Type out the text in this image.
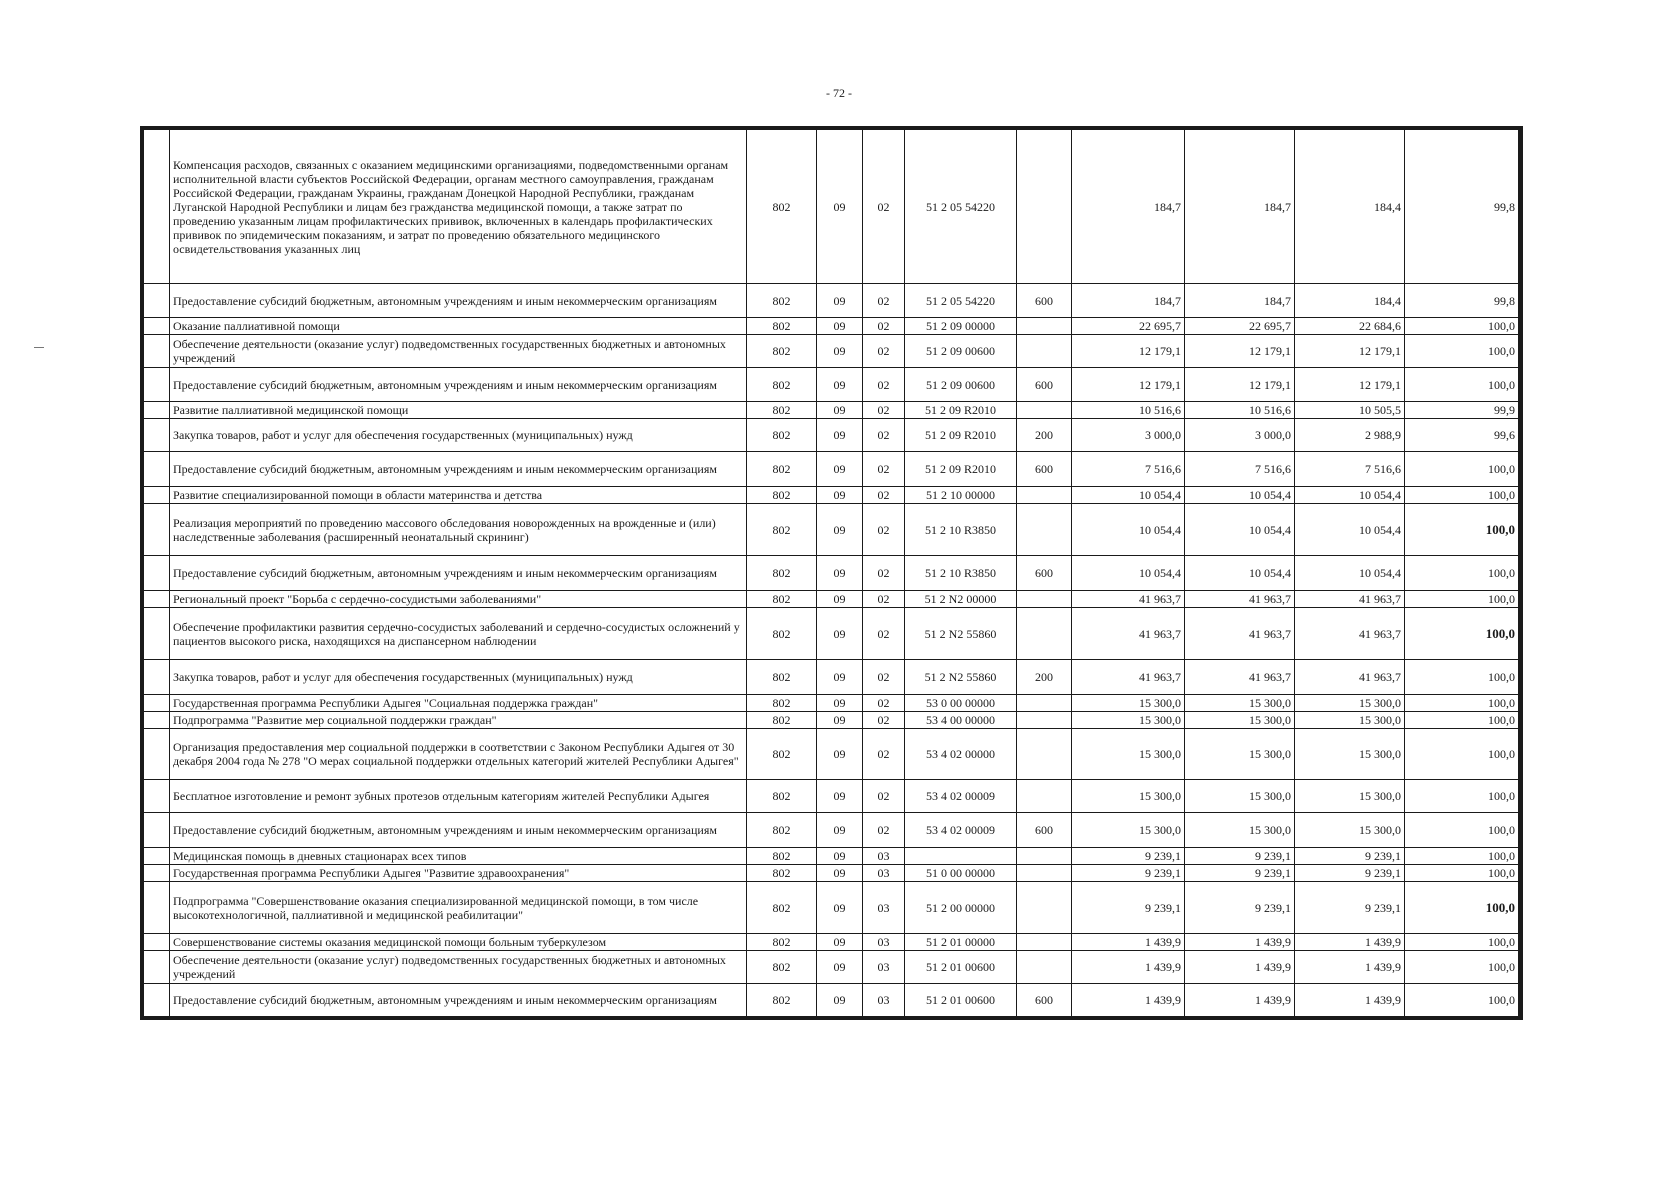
- 72 -
	Компенсация расходов, связанных с оказанием медицинскими организациями, подведомственными органам исполнительной власти субъектов Российской Федерации, органам местного самоуправления, гражданам Российской Федерации, гражданам Украины, гражданам Донецкой Народной Республики, гражданам Луганской Народной Республики и лицам без гражданства медицинской помощи, а также затрат по проведению указанным лицам профилактических прививок, включенных в календарь профилактических прививок по эпидемическим показаниям, и затрат по проведению обязательного медицинского освидетельствования указанных лиц	802	09	02	51 2 05 54220		184,7	184,7	184,4	99,8
	Предоставление субсидий бюджетным, автономным учреждениям и иным некоммерческим организациям	802	09	02	51 2 05 54220	600	184,7	184,7	184,4	99,8
	Оказание паллиативной помощи	802	09	02	51 2 09 00000		22 695,7	22 695,7	22 684,6	100,0
	Обеспечение деятельности (оказание услуг) подведомственных государственных бюджетных и автономных учреждений	802	09	02	51 2 09 00600		12 179,1	12 179,1	12 179,1	100,0
	Предоставление субсидий бюджетным, автономным учреждениям и иным некоммерческим организациям	802	09	02	51 2 09 00600	600	12 179,1	12 179,1	12 179,1	100,0
	Развитие паллиативной медицинской помощи	802	09	02	51 2 09 R2010		10 516,6	10 516,6	10 505,5	99,9
	Закупка товаров, работ и услуг для обеспечения государственных (муниципальных) нужд	802	09	02	51 2 09 R2010	200	3 000,0	3 000,0	2 988,9	99,6
	Предоставление субсидий бюджетным, автономным учреждениям и иным некоммерческим организациям	802	09	02	51 2 09 R2010	600	7 516,6	7 516,6	7 516,6	100,0
	Развитие специализированной помощи в области материнства и детства	802	09	02	51 2 10 00000		10 054,4	10 054,4	10 054,4	100,0
	Реализация мероприятий по проведению массового обследования новорожденных на врожденные и (или) наследственные заболевания (расширенный неонатальный скрининг)	802	09	02	51 2 10 R3850		10 054,4	10 054,4	10 054,4	100,0
	Предоставление субсидий бюджетным, автономным учреждениям и иным некоммерческим организациям	802	09	02	51 2 10 R3850	600	10 054,4	10 054,4	10 054,4	100,0
	Региональный проект "Борьба с сердечно-сосудистыми заболеваниями"	802	09	02	51 2 N2 00000		41 963,7	41 963,7	41 963,7	100,0
	Обеспечение профилактики развития сердечно-сосудистых заболеваний и сердечно-сосудистых осложнений у пациентов высокого риска, находящихся на диспансерном наблюдении	802	09	02	51 2 N2 55860		41 963,7	41 963,7	41 963,7	100,0
	Закупка товаров, работ и услуг для обеспечения государственных (муниципальных) нужд	802	09	02	51 2 N2 55860	200	41 963,7	41 963,7	41 963,7	100,0
	Государственная программа Республики Адыгея "Социальная поддержка граждан"	802	09	02	53 0 00 00000		15 300,0	15 300,0	15 300,0	100,0
	Подпрограмма "Развитие мер социальной поддержки граждан"	802	09	02	53 4 00 00000		15 300,0	15 300,0	15 300,0	100,0
	Организация предоставления мер социальной поддержки в соответствии с Законом Республики Адыгея от 30 декабря 2004 года № 278 "О мерах социальной поддержки отдельных категорий жителей Республики Адыгея"	802	09	02	53 4 02 00000		15 300,0	15 300,0	15 300,0	100,0
	Бесплатное изготовление и ремонт зубных протезов отдельным категориям жителей Республики Адыгея	802	09	02	53 4 02 00009		15 300,0	15 300,0	15 300,0	100,0
	Предоставление субсидий бюджетным, автономным учреждениям и иным некоммерческим организациям	802	09	02	53 4 02 00009	600	15 300,0	15 300,0	15 300,0	100,0
	Медицинская помощь в дневных стационарах всех типов	802	09	03			9 239,1	9 239,1	9 239,1	100,0
	Государственная программа Республики Адыгея "Развитие здравоохранения"	802	09	03	51 0 00 00000		9 239,1	9 239,1	9 239,1	100,0
	Подпрограмма "Совершенствование оказания специализированной медицинской помощи, в том числе высокотехнологичной, паллиативной и медицинской реабилитации"	802	09	03	51 2 00 00000		9 239,1	9 239,1	9 239,1	100,0
	Совершенствование системы оказания медицинской помощи больным туберкулезом	802	09	03	51 2 01 00000		1 439,9	1 439,9	1 439,9	100,0
	Обеспечение деятельности (оказание услуг) подведомственных государственных бюджетных и автономных учреждений	802	09	03	51 2 01 00600		1 439,9	1 439,9	1 439,9	100,0
	Предоставление субсидий бюджетным, автономным учреждениям и иным некоммерческим организациям	802	09	03	51 2 01 00600	600	1 439,9	1 439,9	1 439,9	100,0
